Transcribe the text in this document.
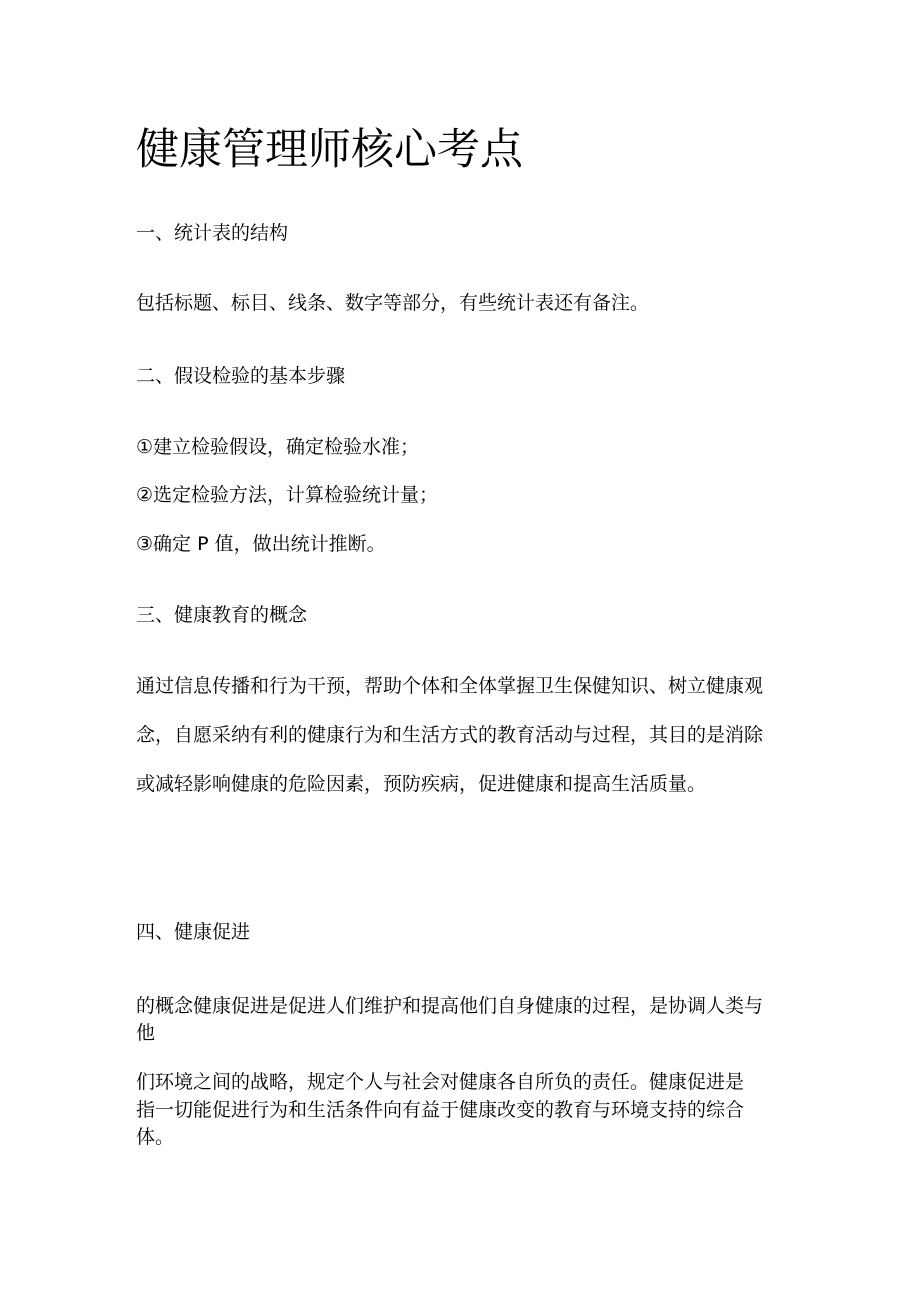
健康管理师核心考点

一、统计表的结构

包括标题、标目、线条、数字等部分，有些统计表还有备注。

二、假设检验的基本步骤

①建立检验假设，确定检验水准；

②选定检验方法，计算检验统计量；

③确定 P 值，做出统计推断。

三、健康教育的概念

通过信息传播和行为干预，帮助个体和全体掌握卫生保健知识、树立健康观

念，自愿采纳有利的健康行为和生活方式的教育活动与过程，其目的是消除

或减轻影响健康的危险因素，预防疾病，促进健康和提高生活质量。

四、健康促进

的概念健康促进是促进人们维护和提高他们自身健康的过程，是协调人类与

他

们环境之间的战略，规定个人与社会对健康各自所负的责任。健康促进是

指一切能促进行为和生活条件向有益于健康改变的教育与环境支持的综合

体。
